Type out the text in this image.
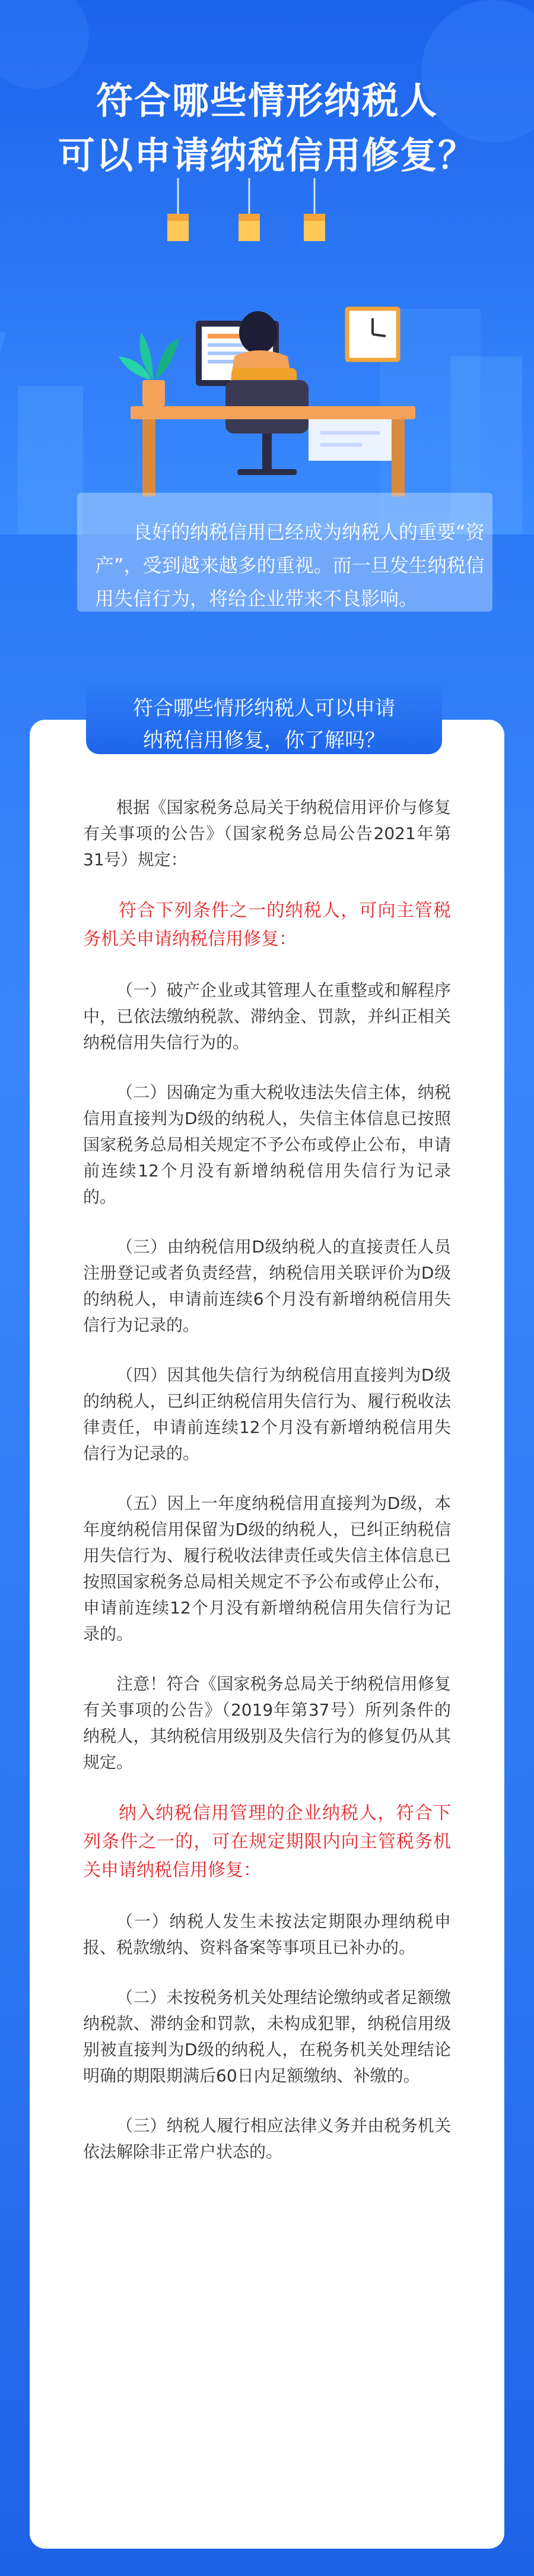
符合哪些情形纳税人
可以申请纳税信用修复？
良好的纳税信用已经成为纳税人的重要“资产”，受到越来越多的重视。而一旦发生纳税信用失信行为，将给企业带来不良影响。
符合哪些情形纳税人可以申请
纳税信用修复，你了解吗？

根据《国家税务总局关于纳税信用评价与修复有关事项的公告》（国家税务总局公告2021年第31号）规定：

符合下列条件之一的纳税人，可向主管税务机关申请纳税信用修复：

（一）破产企业或其管理人在重整或和解程序中，已依法缴纳税款、滞纳金、罚款，并纠正相关纳税信用失信行为的。

（二）因确定为重大税收违法失信主体，纳税信用直接判为D级的纳税人，失信主体信息已按照国家税务总局相关规定不予公布或停止公布，申请前连续12个月没有新增纳税信用失信行为记录的。

（三）由纳税信用D级纳税人的直接责任人员注册登记或者负责经营，纳税信用关联评价为D级的纳税人，申请前连续6个月没有新增纳税信用失信行为记录的。

（四）因其他失信行为纳税信用直接判为D级的纳税人，已纠正纳税信用失信行为、履行税收法律责任，申请前连续12个月没有新增纳税信用失信行为记录的。

（五）因上一年度纳税信用直接判为D级，本年度纳税信用保留为D级的纳税人，已纠正纳税信用失信行为、履行税收法律责任或失信主体信息已按照国家税务总局相关规定不予公布或停止公布，申请前连续12个月没有新增纳税信用失信行为记录的。

注意！符合《国家税务总局关于纳税信用修复有关事项的公告》（2019年第37号）所列条件的纳税人，其纳税信用级别及失信行为的修复仍从其规定。

纳入纳税信用管理的企业纳税人，符合下列条件之一的，可在规定期限内向主管税务机关申请纳税信用修复：

（一）纳税人发生未按法定期限办理纳税申报、税款缴纳、资料备案等事项且已补办的。

（二）未按税务机关处理结论缴纳或者足额缴纳税款、滞纳金和罚款，未构成犯罪，纳税信用级别被直接判为D级的纳税人，在税务机关处理结论明确的期限期满后60日内足额缴纳、补缴的。

（三）纳税人履行相应法律义务并由税务机关依法解除非正常户状态的。
